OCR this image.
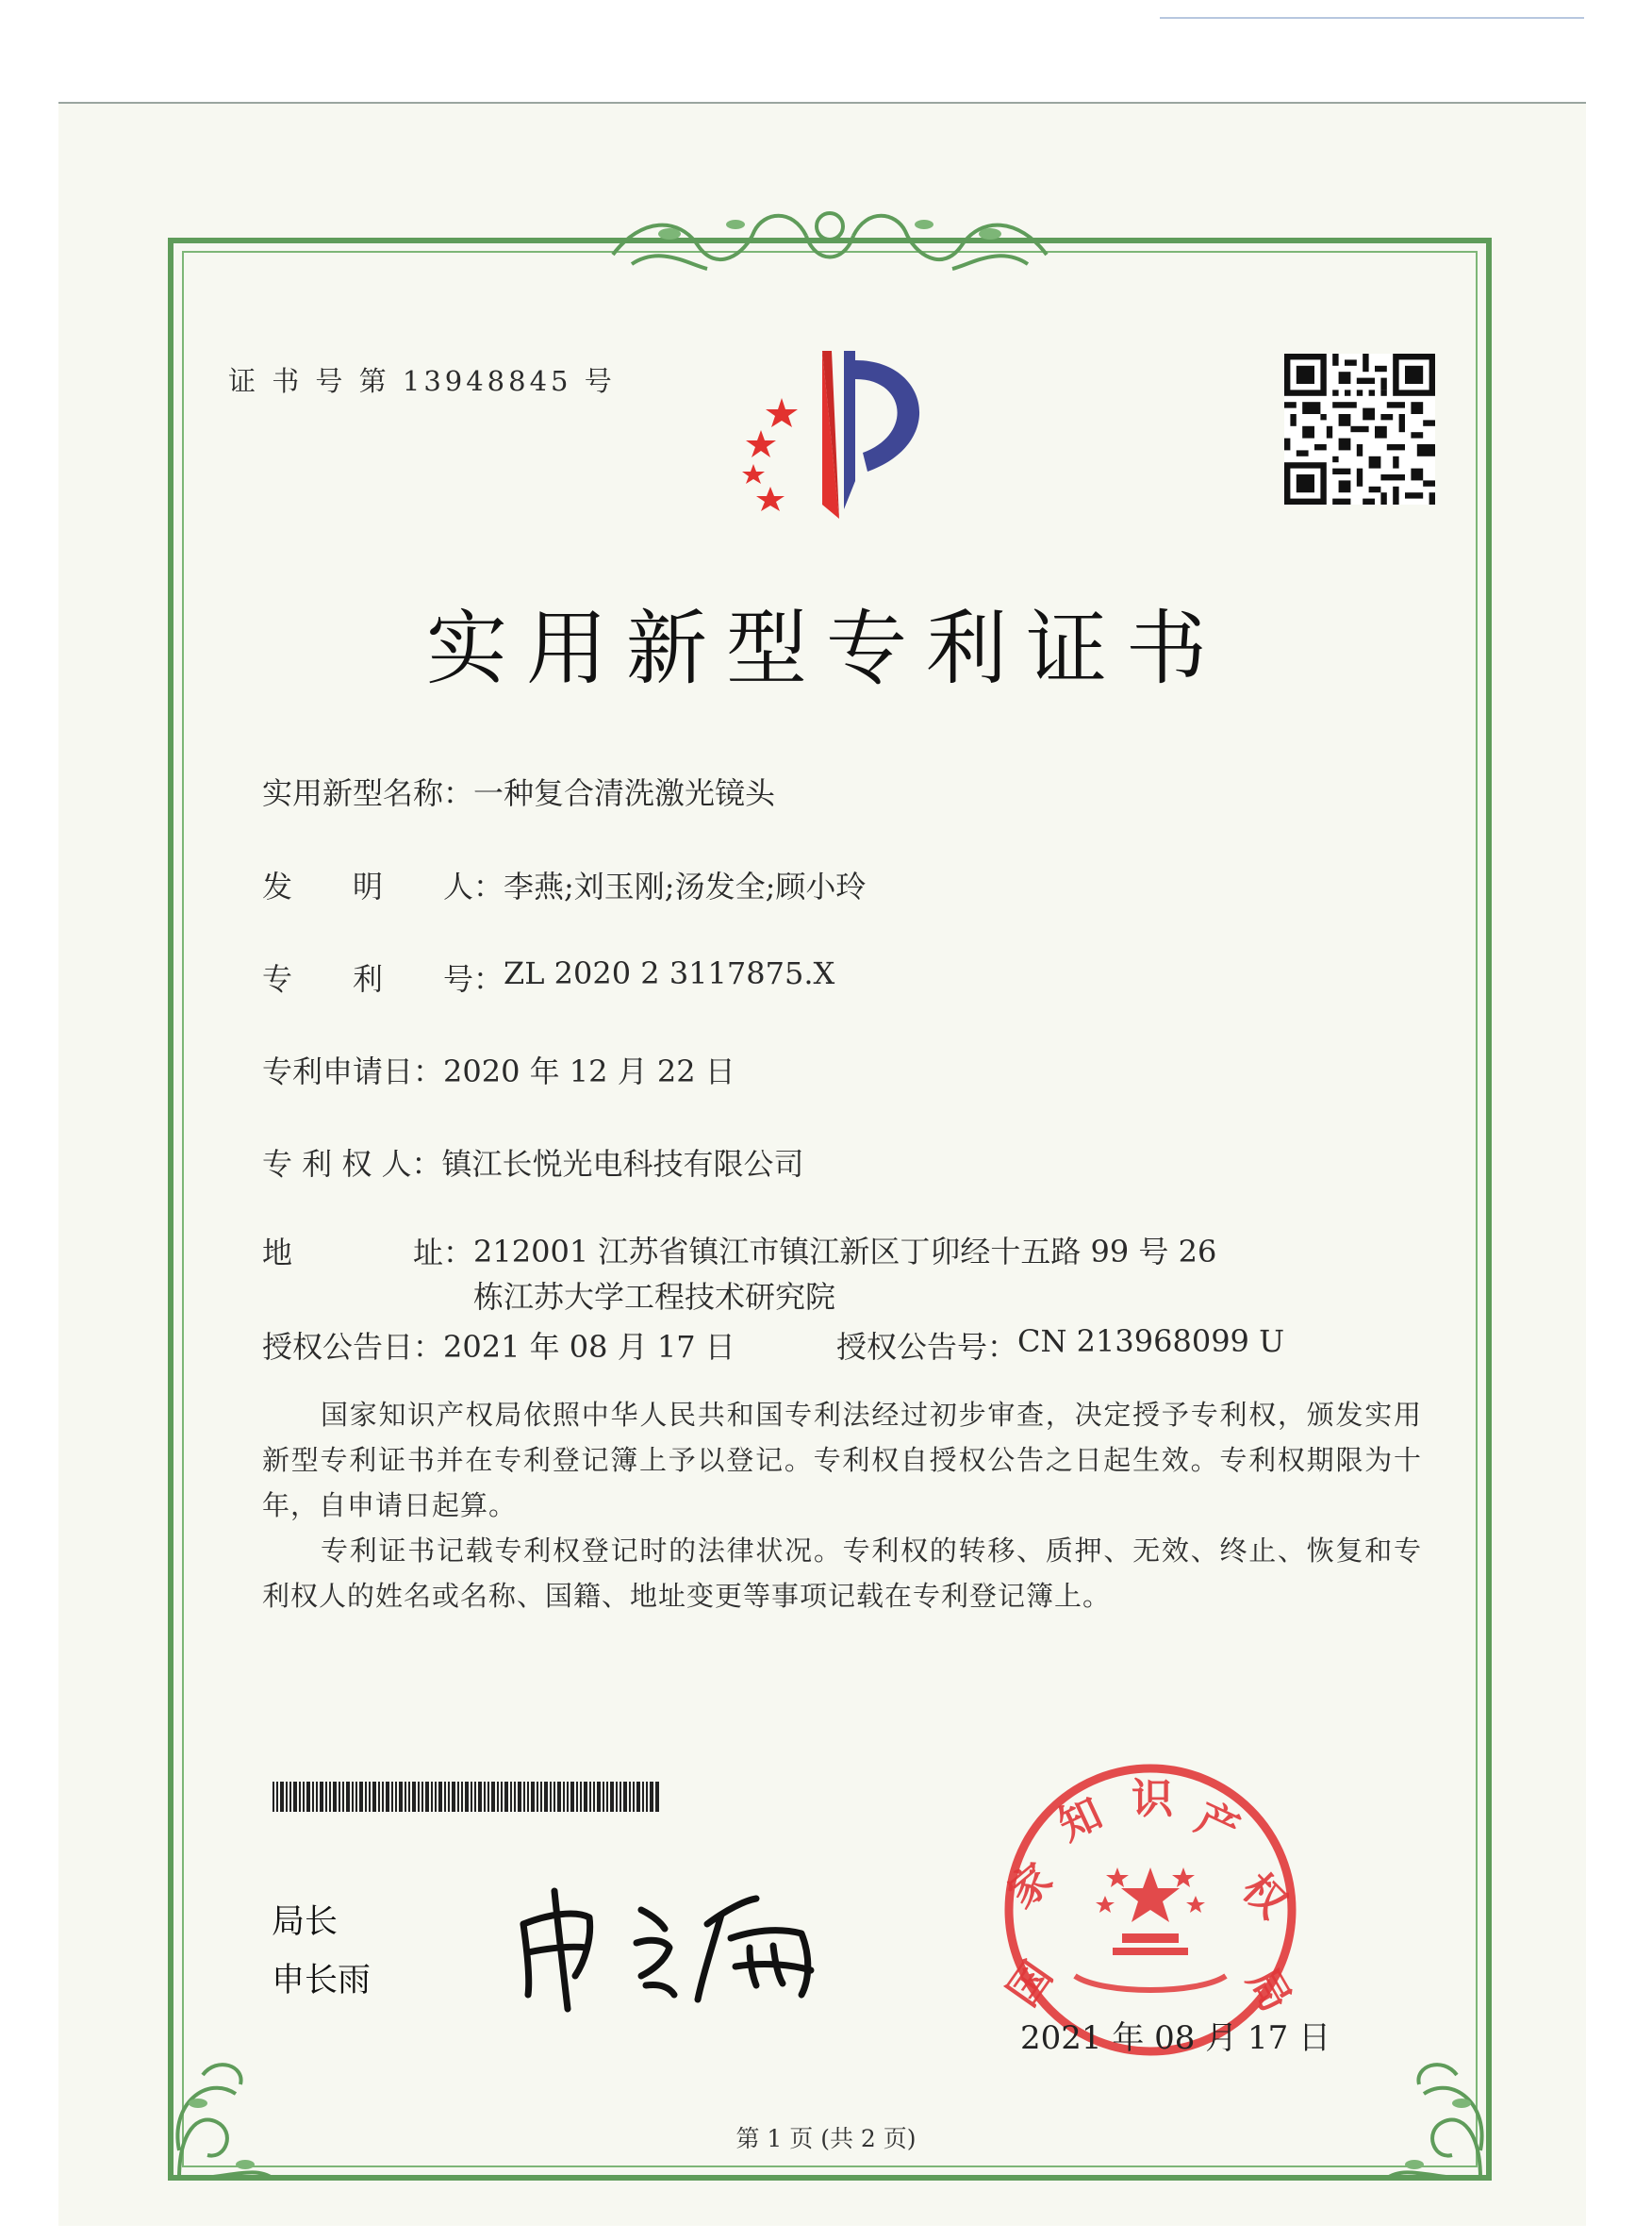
证 书 号 第 13948845 号
实用新型专利证书
实用新型名称： 一种复合清洗激光镜头
发　　明　　人： 李燕;刘玉刚;汤发全;顾小玲
专　　利　　号： ZL 2020 2 3117875.X
专利申请日： 2020 年 12 月 22 日
专 利 权 人： 镇江长悦光电科技有限公司
地　　　　址： 212001 江苏省镇江市镇江新区丁卯经十五路 99 号 26 栋江苏大学工程技术研究院
授权公告日： 2021 年 08 月 17 日	授权公告号： CN 213968099 U
国家知识产权局依照中华人民共和国专利法经过初步审查，决定授予专利权，颁发实用新型专利证书并在专利登记簿上予以登记。专利权自授权公告之日起生效。专利权期限为十年，自申请日起算。
专利证书记载专利权登记时的法律状况。专利权的转移、质押、无效、终止、恢复和专利权人的姓名或名称、国籍、地址变更等事项记载在专利登记簿上。
局长
申长雨	国
家
知 识 产
权
局
2021 年 08 月 17 日
第 1 页 (共 2 页)
